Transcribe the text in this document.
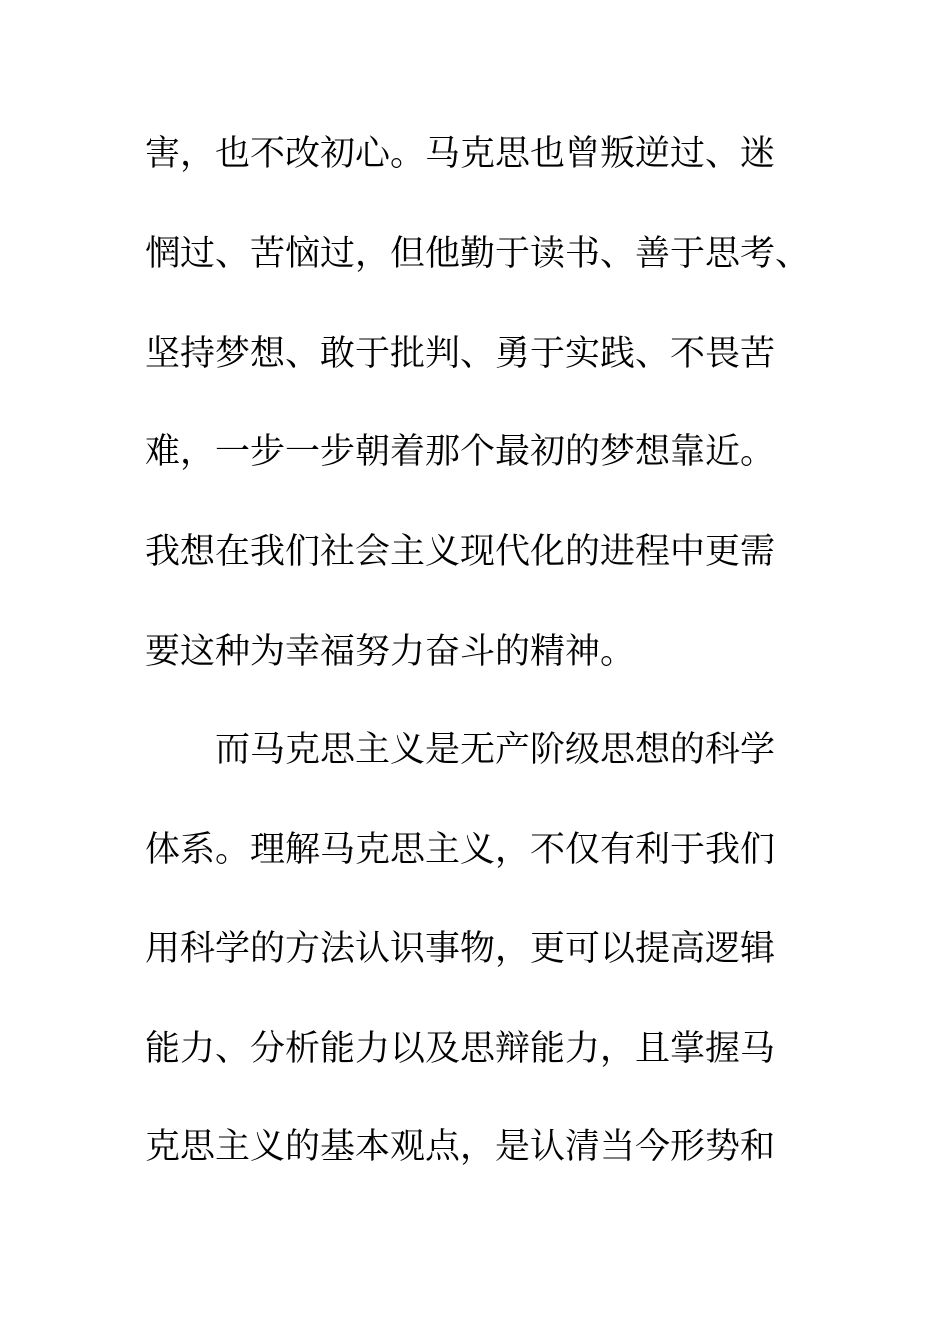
害，也不改初心。马克思也曾叛逆过、迷
惘过、苦恼过，但他勤于读书、善于思考、
坚持梦想、敢于批判、勇于实践、不畏苦
难，一步一步朝着那个最初的梦想靠近。
我想在我们社会主义现代化的进程中更需
要这种为幸福努力奋斗的精神。
而马克思主义是无产阶级思想的科学
体系。理解马克思主义，不仅有利于我们
用科学的方法认识事物，更可以提高逻辑
能力、分析能力以及思辩能力，且掌握马
克思主义的基本观点，是认清当今形势和
